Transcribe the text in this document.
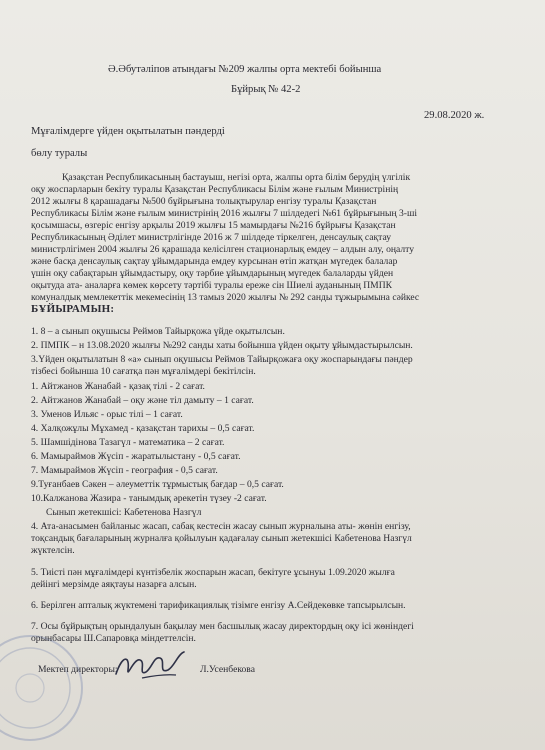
Ә.Әбутәліпов атындағы №209 жалпы орта мектебі бойынша
Бұйрық № 42-2
29.08.2020 ж.
Мұғалімдерге үйден оқытылатын пәндерді
бөлу туралы
Қазақстан Республикасының бастауыш, негізі орта, жалпы орта білім берудің үлгілік
оқу жоспарларын бекіту туралы Қазақстан Республикасы Білім және ғылым Министрінің
2012 жылғы 8 қарашадағы №500 бұйрығына толықтырулар енгізу туралы Қазақстан
Республикасы Білім және ғылым министрінің 2016 жылғы 7 шілдедегі №61 бұйрығының 3-ші
қосымшасы, өзгеріс енгізу арқылы 2019 жылғы 15 мамырдағы №216 бұйрығы Қазақстан
Республикасының Әділет министрлігінде 2016 ж 7 шілдеде тіркелген, денсаулық сақтау
министрлігімен 2004 жылғы 26 қарашада келісілген стационарлық емдеу – алдын алу, оңалту
және басқа денсаулық сақтау ұйымдарында емдеу курсынан өтіп жатқан мүгедек балалар
үшін оқу сабақтарын ұйымдастыру, оқу тәрбие ұйымдарының мүгедек балаларды үйден
оқытуда ата- аналарға көмек көрсету тәртібі туралы ереже сін Шиелі ауданының ПМПК
комуналдық мемлекеттік мекемесінің 13 тамыз 2020 жылғы № 292 санды тұжырымына сәйкес
БҰЙЫРАМЫН:
1. 8 – а сынып оқушысы Реймов Тайырқожа үйде оқытылсын.
2. ПМПК – н 13.08.2020 жылғы №292 санды хаты бойынша үйден оқыту ұйымдастырылсын.
3.Үйден оқытылатын 8 «а» сынып оқушысы Реймов Тайырқожаға оқу жоспарындағы пәндер
тізбесі бойынша 10 сағатқа пән мұғалімдері бекітілсін.
1. Айтжанов Жанабай - қазақ тілі - 2 сағат.
2. Айтжанов Жанабай – оқу және тіл дамыту – 1 сағат.
3. Уменов Ильяс - орыс тілі – 1 сағат.
4. Халқожұлы Мұхамед - қазақстан тарихы – 0,5 сағат.
5. Шамшідінова Тазагүл - математика – 2 сағат.
6. Мамыраймов Жүсіп - жаратылыстану - 0,5 сағат.
7. Мамыраймов Жүсіп - география - 0,5 сағат.
9.Туғанбаев Сәкен – әлеуметтік тұрмыстық бағдар – 0,5 сағат.
10.Калжанова Жазира - танымдық әрекетін түзеу -2 сағат.
Сынып жетекшісі: Кабетенова Назгүл
4. Ата-анасымен байланыс жасап, сабақ кестесін жасау сынып журналына аты- жөнін енгізу,
тоқсандық бағаларының журналға қойылуын қадағалау сынып жетекшісі Кабетенова Назгүл
жүктелсін.
5. Тиісті пән мұғалімдері күнтізбелік жоспарын жасап, бекітуге ұсынуы 1.09.2020 жылға
дейінгі мерзімде аяқтауы назарға алсын.
6. Берілген апталық жүктемені тарификациялық тізімге енгізу А.Сейдекөвке тапсырылсын.
7. Осы бұйрықтың орындалуын бақылау мен басшылық жасау директордың оқу ісі жөніндегі
орынбасары Ш.Сапаровқа міндеттелсін.
Мектеп директоры:	Л.Усенбекова
